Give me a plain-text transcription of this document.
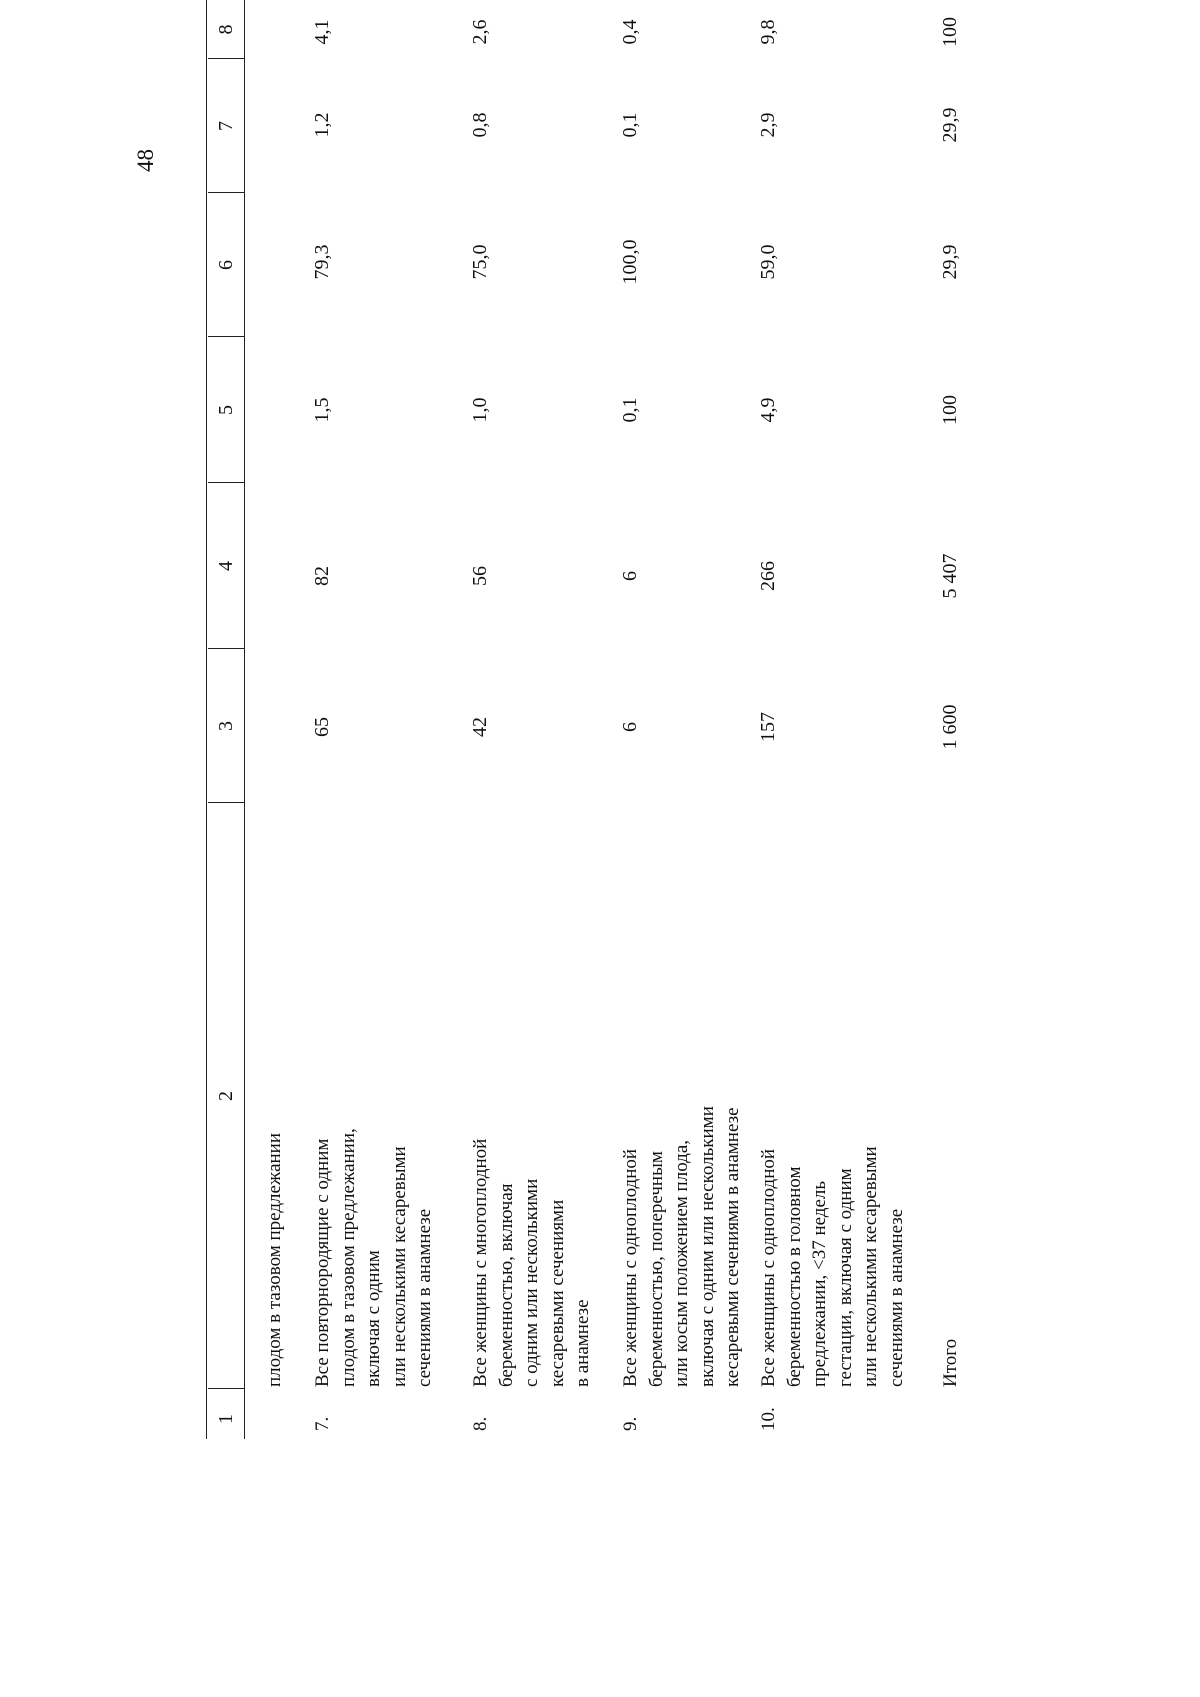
48
1
2
3
4
5
6
7
8
плодом в тазовом предлежании
7.
Все повторнородящие с одним плодом в тазовом предлежании, включая с одним или несколькими кесаревыми сечениями в анамнезе
65
82
1,5
79,3
1,2
4,1
8.
Все женщины с многоплодной беременностью, включая с одним или несколькими кесаревыми сечениями в анамнезе
42
56
1,0
75,0
0,8
2,6
9.
Все женщины с одноплодной беременностью, поперечным или косым положением плода, включая с одним или несколькими кесаревыми сечениями в анамнезе
6
6
0,1
100,0
0,1
0,4
10.
Все женщины с одноплодной беременностью в головном предлежании, <37 недель гестации, включая с одним или несколькими кесаревыми сечениями в анамнезе
157
266
4,9
59,0
2,9
9,8
Итого
1 600
5 407
100
29,9
29,9
100
